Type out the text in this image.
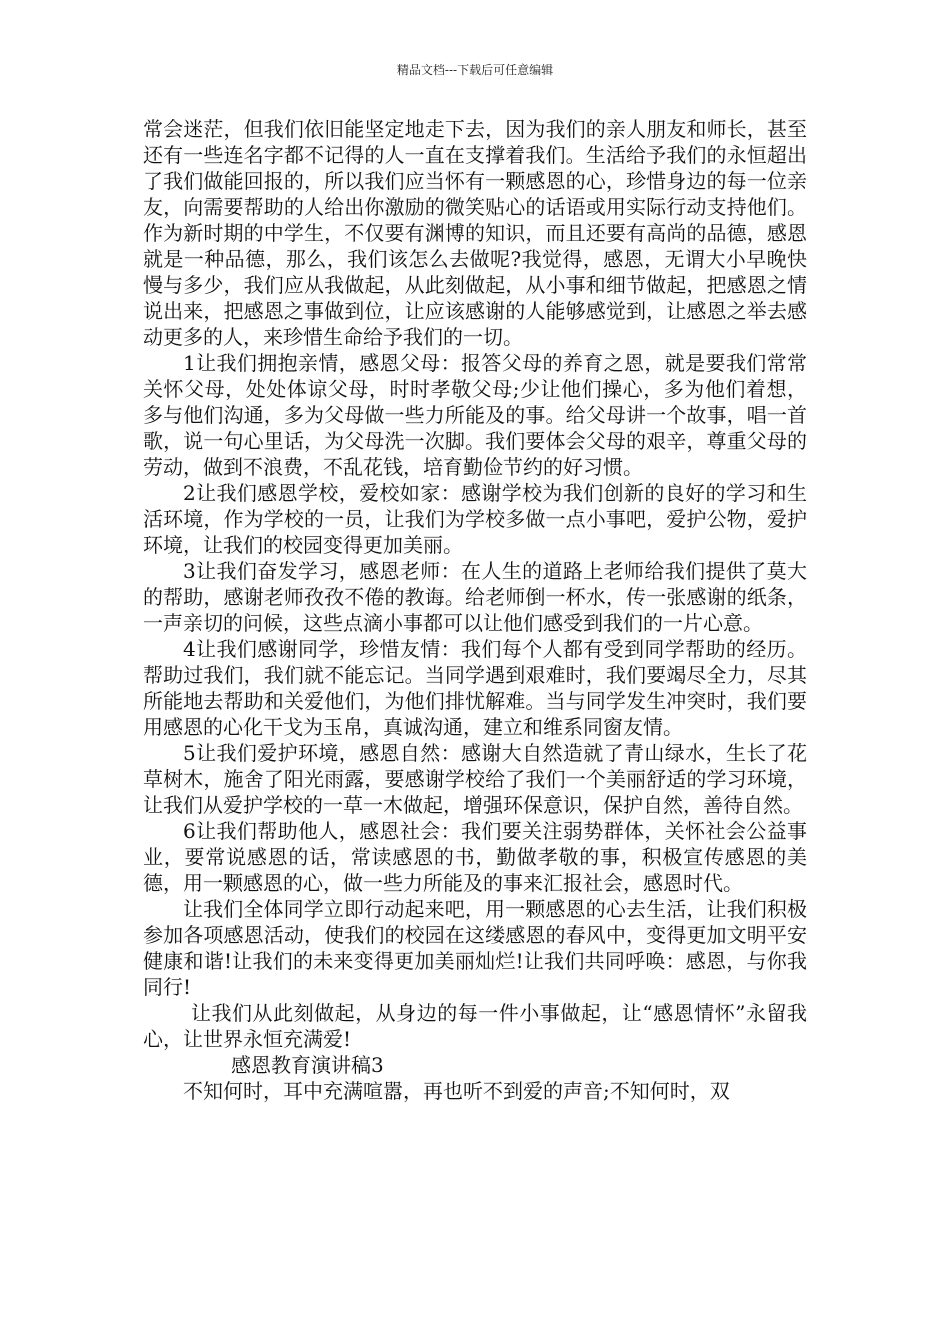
精品文档---下载后可任意编辑

常会迷茫，但我们依旧能坚定地走下去，因为我们的亲人朋友和师长，甚至还有一些连名字都不记得的人一直在支撑着我们。生活给予我们的永恒超出了我们做能回报的，所以我们应当怀有一颗感恩的心，珍惜身边的每一位亲友，向需要帮助的人给出你激励的微笑贴心的话语或用实际行动支持他们。作为新时期的中学生，不仅要有渊博的知识，而且还要有高尚的品德，感恩就是一种品德，那么，我们该怎么去做呢?我觉得，感恩，无谓大小早晚快慢与多少，我们应从我做起，从此刻做起，从小事和细节做起，把感恩之情说出来，把感恩之事做到位，让应该感谢的人能够感觉到，让感恩之举去感动更多的人，来珍惜生命给予我们的一切。

1让我们拥抱亲情，感恩父母：报答父母的养育之恩，就是要我们常常关怀父母，处处体谅父母，时时孝敬父母;少让他们操心，多为他们着想，多与他们沟通，多为父母做一些力所能及的事。给父母讲一个故事，唱一首歌，说一句心里话，为父母洗一次脚。我们要体会父母的艰辛，尊重父母的劳动，做到不浪费，不乱花钱，培育勤俭节约的好习惯。

2让我们感恩学校，爱校如家：感谢学校为我们创新的良好的学习和生活环境，作为学校的一员，让我们为学校多做一点小事吧，爱护公物，爱护环境，让我们的校园变得更加美丽。

3让我们奋发学习，感恩老师：在人生的道路上老师给我们提供了莫大的帮助，感谢老师孜孜不倦的教诲。给老师倒一杯水，传一张感谢的纸条，一声亲切的问候，这些点滴小事都可以让他们感受到我们的一片心意。

4让我们感谢同学，珍惜友情：我们每个人都有受到同学帮助的经历。帮助过我们，我们就不能忘记。当同学遇到艰难时，我们要竭尽全力，尽其所能地去帮助和关爱他们，为他们排忧解难。当与同学发生冲突时，我们要用感恩的心化干戈为玉帛，真诚沟通，建立和维系同窗友情。

5让我们爱护环境，感恩自然：感谢大自然造就了青山绿水，生长了花草树木，施舍了阳光雨露，要感谢学校给了我们一个美丽舒适的学习环境，让我们从爱护学校的一草一木做起，增强环保意识，保护自然，善待自然。

6让我们帮助他人，感恩社会：我们要关注弱势群体，关怀社会公益事业，要常说感恩的话，常读感恩的书，勤做孝敬的事，积极宣传感恩的美德，用一颗感恩的心，做一些力所能及的事来汇报社会，感恩时代。

让我们全体同学立即行动起来吧，用一颗感恩的心去生活，让我们积极参加各项感恩活动，使我们的校园在这缕感恩的春风中，变得更加文明平安健康和谐!让我们的未来变得更加美丽灿烂!让我们共同呼唤：感恩，与你我同行!

让我们从此刻做起，从身边的每一件小事做起，让“感恩情怀”永留我心，让世界永恒充满爱!

感恩教育演讲稿3

不知何时，耳中充满喧嚣，再也听不到爱的声音;不知何时，双
